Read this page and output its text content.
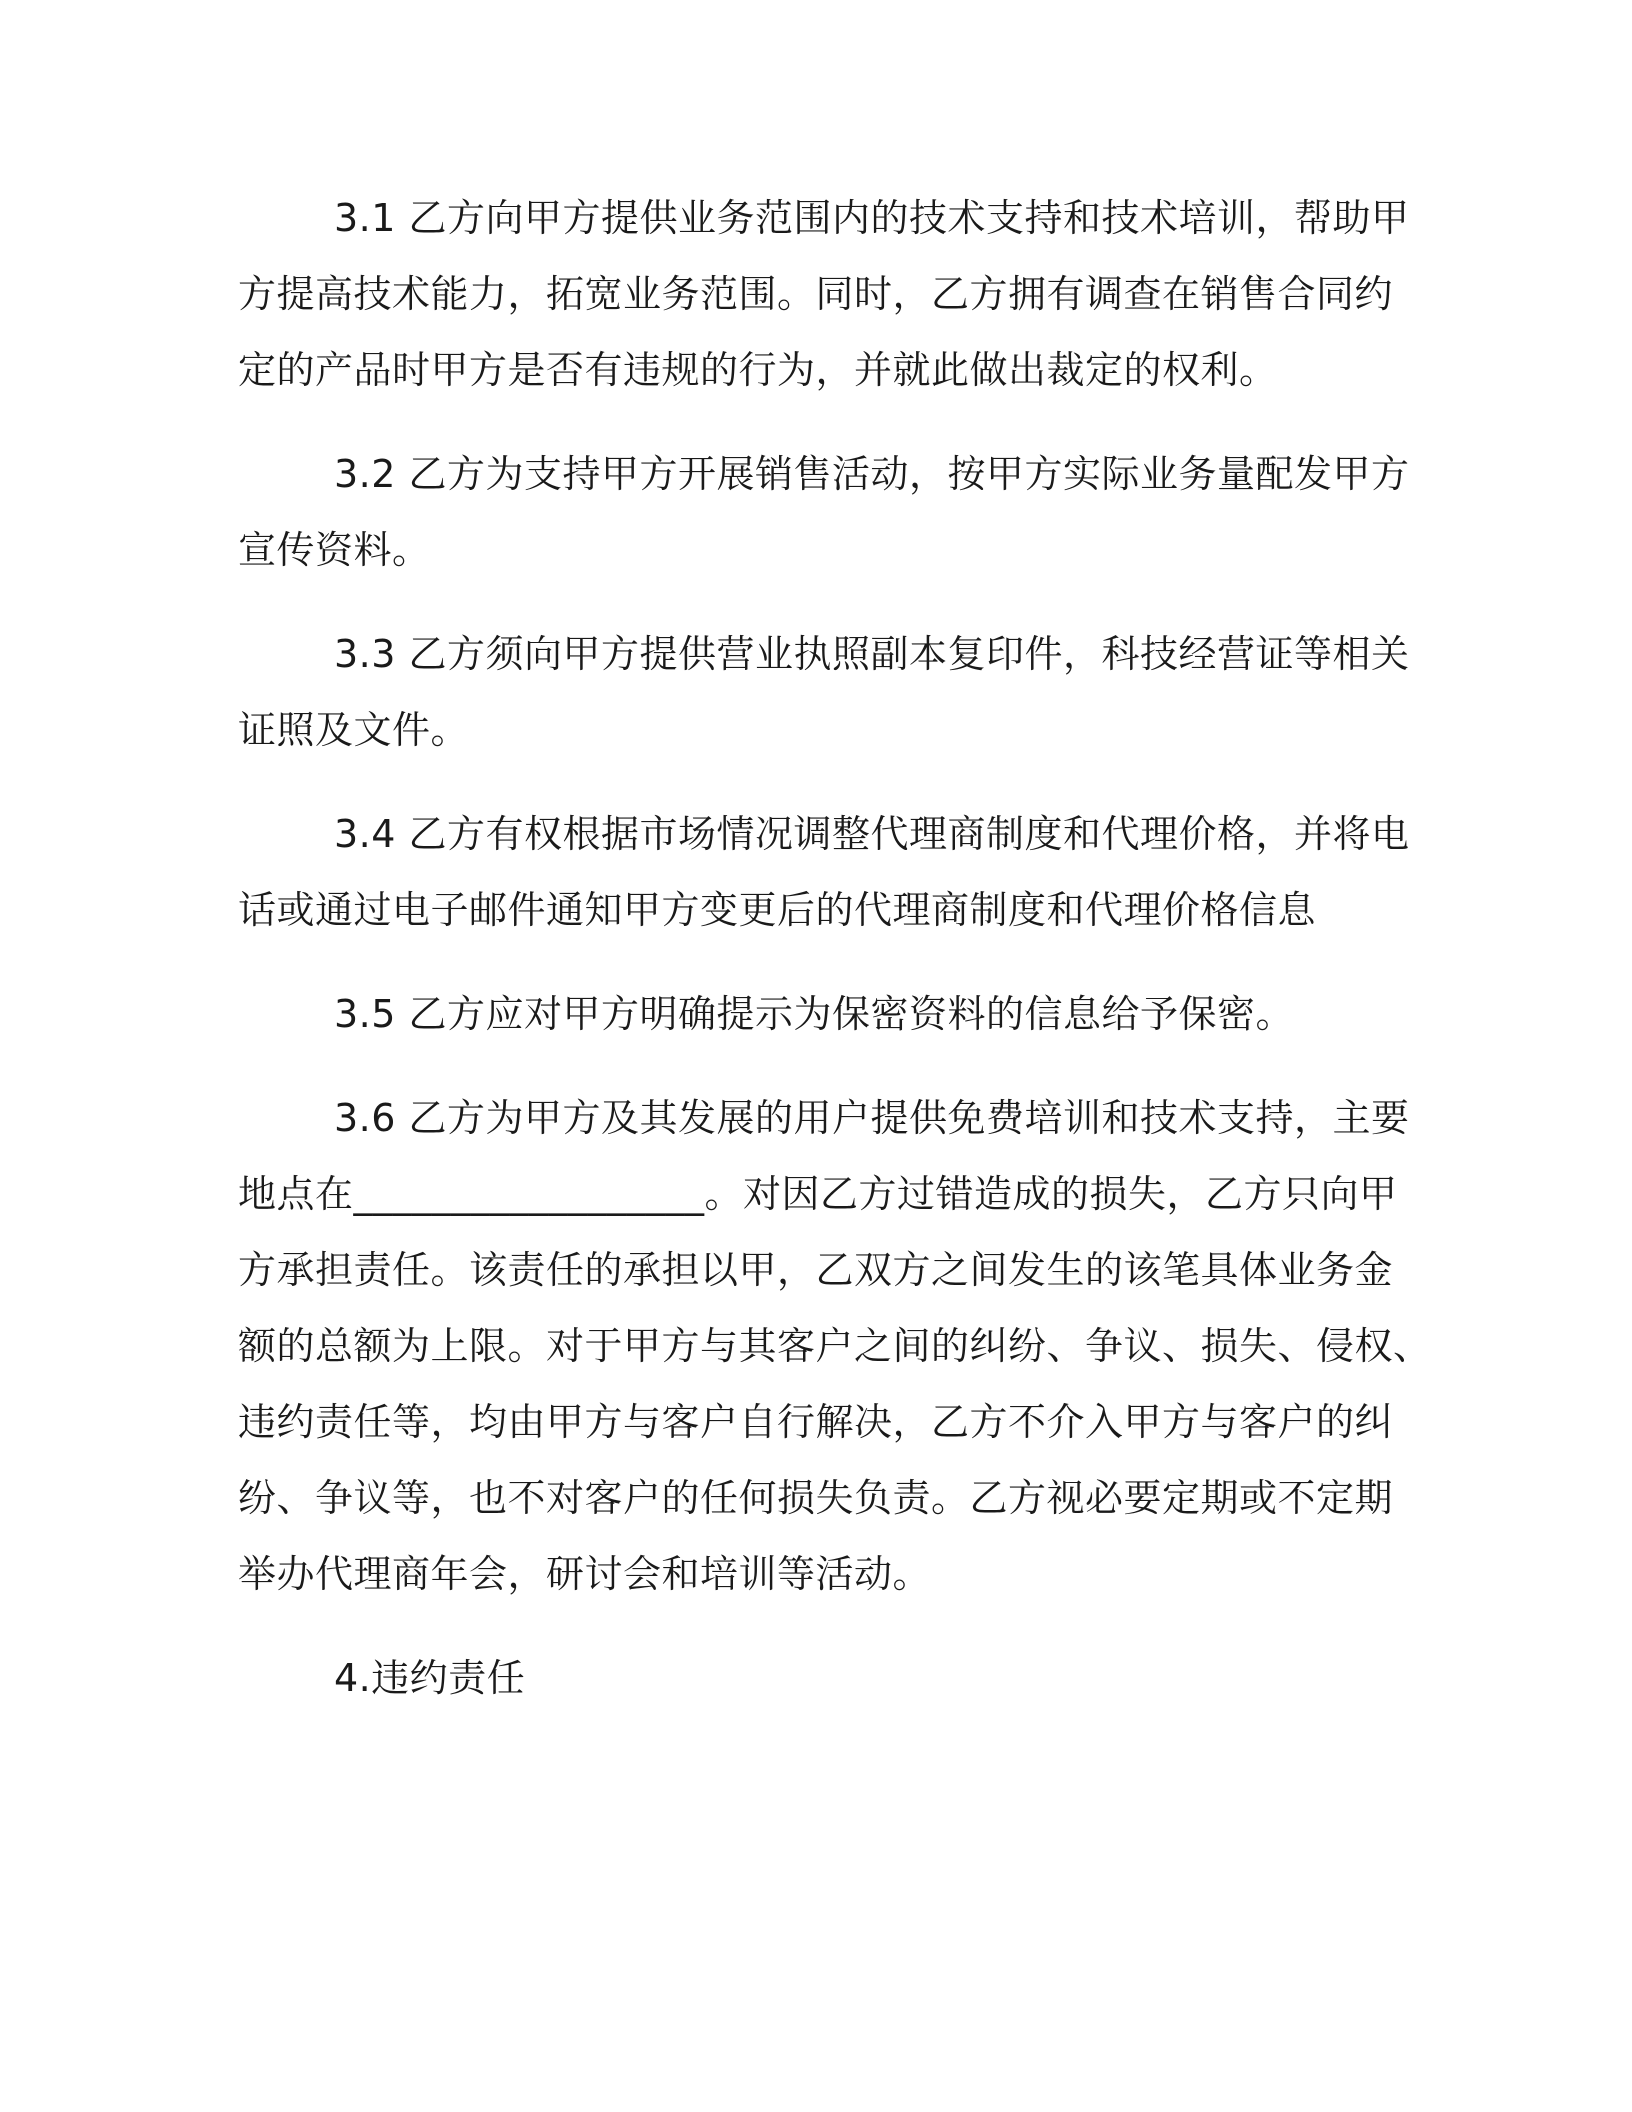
3.1 乙方向甲方提供业务范围内的技术支持和技术培训，帮助甲

方提高技术能力，拓宽业务范围。同时，乙方拥有调查在销售合同约

定的产品时甲方是否有违规的行为，并就此做出裁定的权利。

3.2 乙方为支持甲方开展销售活动，按甲方实际业务量配发甲方

宣传资料。

3.3 乙方须向甲方提供营业执照副本复印件，科技经营证等相关

证照及文件。

3.4 乙方有权根据市场情况调整代理商制度和代理价格，并将电

话或通过电子邮件通知甲方变更后的代理商制度和代理价格信息

3.5 乙方应对甲方明确提示为保密资料的信息给予保密。

3.6 乙方为甲方及其发展的用户提供免费培训和技术支持，主要

地点在__________________。对因乙方过错造成的损失，乙方只向甲

方承担责任。该责任的承担以甲，乙双方之间发生的该笔具体业务金

额的总额为上限。对于甲方与其客户之间的纠纷、争议、损失、侵权、

违约责任等，均由甲方与客户自行解决，乙方不介入甲方与客户的纠

纷、争议等，也不对客户的任何损失负责。乙方视必要定期或不定期

举办代理商年会，研讨会和培训等活动。

4.违约责任
